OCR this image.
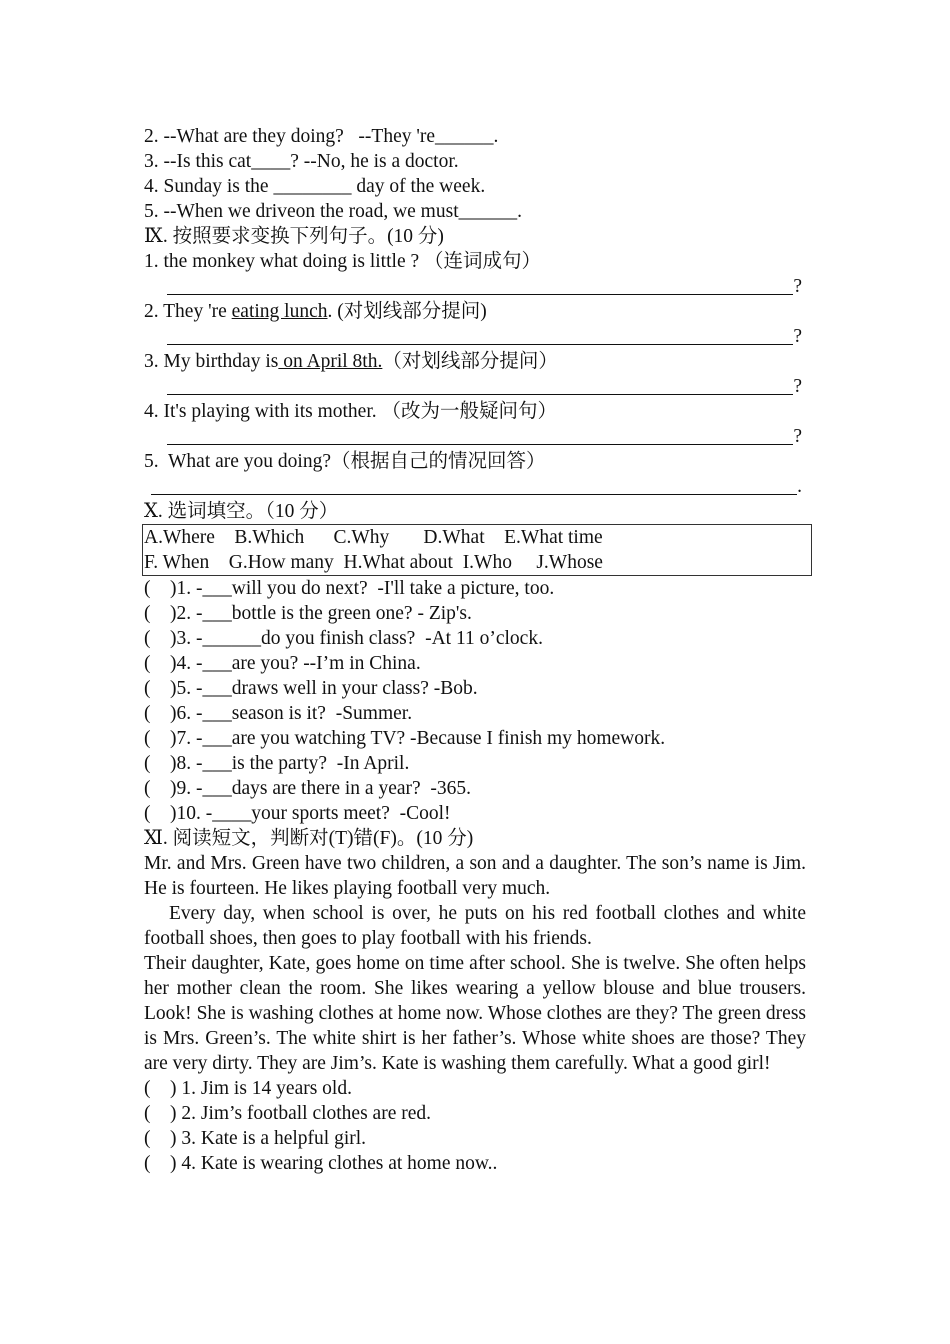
2. --What are they doing?   --They 're______.
3. --Is this cat____? --No, he is a doctor.
4. Sunday is the ________ day of the week.
5. --When we driveon the road, we must______.
Ⅸ. 按照要求变换下列句子。(10 分)
1. the monkey what doing is little ? （连词成句）
?
2. They 're eating lunch. (对划线部分提问)
?
3. My birthday is on April 8th.（对划线部分提问）
?
4. It's playing with its mother. （改为一般疑问句）
?
5.  What are you doing?（根据自己的情况回答）
.
Ⅹ. 选词填空。（10 分）
A.Where    B.Which      C.Why       D.What    E.What time
F. When    G.How many  H.What about  I.Who     J.Whose
(    )1. -___will you do next?  -I'll take a picture, too.
(    )2. -___bottle is the green one? - Zip's.
(    )3. -______do you finish class?  -At 11 o’clock.
(    )4. -___are you? --I’m in China.
(    )5. -___draws well in your class? -Bob.
(    )6. -___season is it?  -Summer.
(    )7. -___are you watching TV? -Because I finish my homework.
(    )8. -___is the party?  -In April.
(    )9. -___days are there in a year?  -365.
(    )10. -____your sports meet?  -Cool!
Ⅺ. 阅读短文，判断对(T)错(F)。(10 分)
Mr. and Mrs. Green have two children, a son and a daughter. The son’s name is Jim. He is fourteen. He likes playing football very much.
Every day, when school is over, he puts on his red football clothes and white football shoes, then goes to play football with his friends.
Their daughter, Kate, goes home on time after school. She is twelve. She often helps her mother clean the room. She likes wearing a yellow blouse and blue trousers. Look! She is washing clothes at home now. Whose clothes are they? The green dress is Mrs. Green’s. The white shirt is her father’s. Whose white shoes are those? They are very dirty. They are Jim’s. Kate is washing them carefully. What a good girl!
(    ) 1. Jim is 14 years old.
(    ) 2. Jim’s football clothes are red.
(    ) 3. Kate is a helpful girl.
(    ) 4. Kate is wearing clothes at home now..
